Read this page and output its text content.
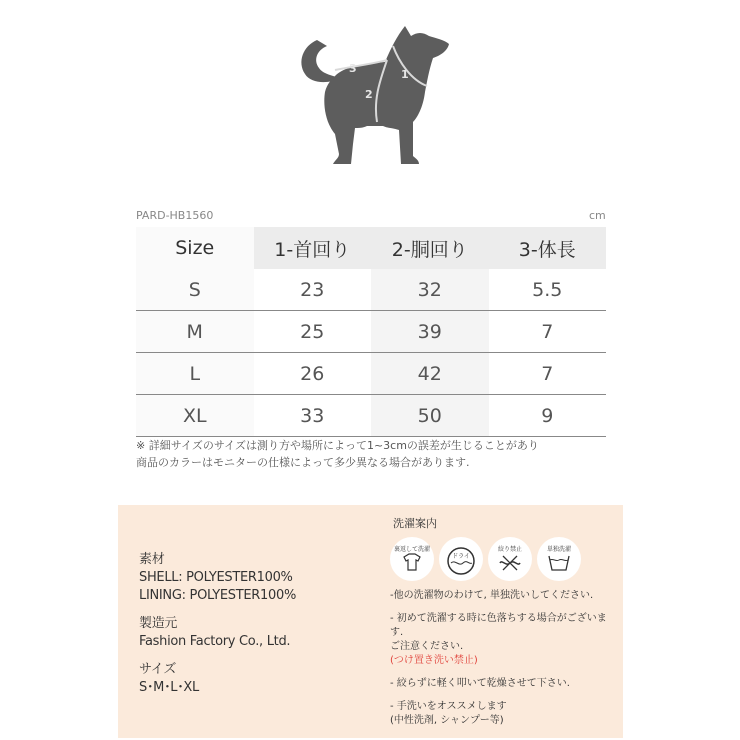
3
2
1
PARD-HB1560	cm
Size	1-首回り	2-胴回り	3-体長
S	23	32	5.5
M	25	39	7
L	26	42	7
XL	33	50	9
※ 詳細サイズのサイズは測り方や場所によって1~3cmの誤差が生じることがあり
商品のカラーはモニターの仕様によって多少異なる場合があります.
素材
SHELL: POLYESTER100%
LINING: POLYESTER100%
製造元
Fashion Factory Co., Ltd.
サイズ
S･M･L･XL
洗濯案内
裏返して洗濯
ドライ
絞り禁止	単独洗濯

-他の洗濯物のわけて, 単独洗いしてください.

- 初めて洗濯する時に色落ちする場合がございます.

ご注意ください.

(つけ置き洗い禁止)

- 絞らずに軽く叩いて乾燥させて下さい.

- 手洗いをオススメします

(中性洗剤, シャンプー等)
